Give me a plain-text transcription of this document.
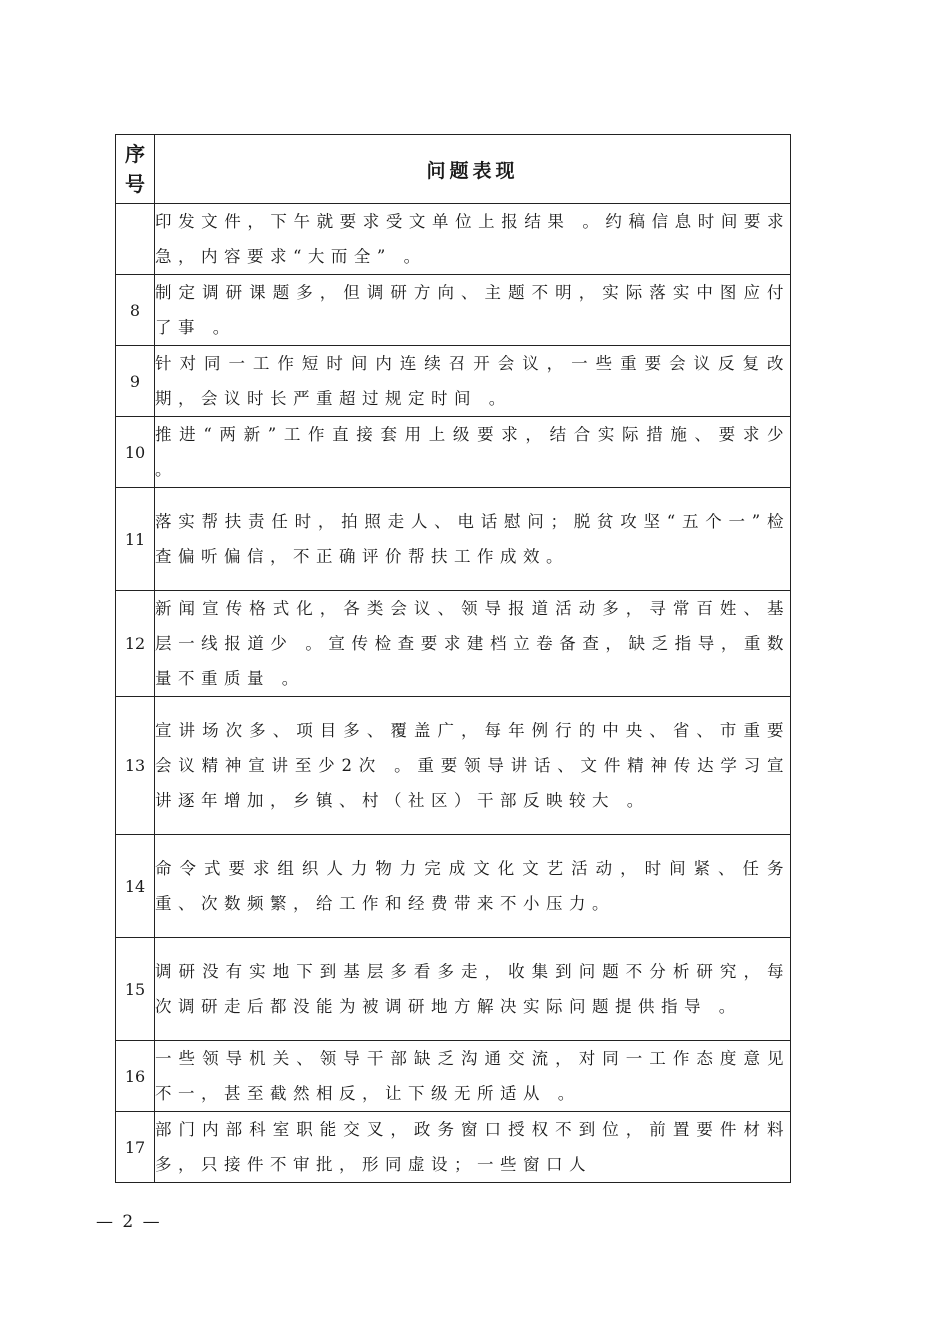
序
号	问题表现
	印发文件，下午就要求受文单位上报结果 。约稿信息时间要求急，内容要求“大而全” 。
8	制定调研课题多，但调研方向、主题不明，实际落实中图应付了事 。
9	针对同一工作短时间内连续召开会议，一些重要会议反复改期，会议时长严重超过规定时间 。
10	推进“两新”工作直接套用上级要求，结合实际措施、要求少 。
11	落实帮扶责任时，拍照走人、电话慰问；脱贫攻坚“五个一”检查偏听偏信，不正确评价帮扶工作成效。
12	新闻宣传格式化，各类会议、领导报道活动多，寻常百姓、基层一线报道少 。宣传检查要求建档立卷备查，缺乏指导，重数量不重质量 。
13	宣讲场次多、项目多、覆盖广，每年例行的中央、省、市重要会议精神宣讲至少2次 。重要领导讲话、文件精神传达学习宣讲逐年增加，乡镇、村（社区）干部反映较大 。
14	命令式要求组织人力物力完成文化文艺活动，时间紧、任务重、次数频繁，给工作和经费带来不小压力。
15	调研没有实地下到基层多看多走，收集到问题不分析研究，每次调研走后都没能为被调研地方解决实际问题提供指导 。
16	一些领导机关、领导干部缺乏沟通交流，对同一工作态度意见不一，甚至截然相反，让下级无所适从 。
17	部门内部科室职能交叉，政务窗口授权不到位，前置要件材料多，只接件不审批，形同虚设；一些窗口人
— 2 —
